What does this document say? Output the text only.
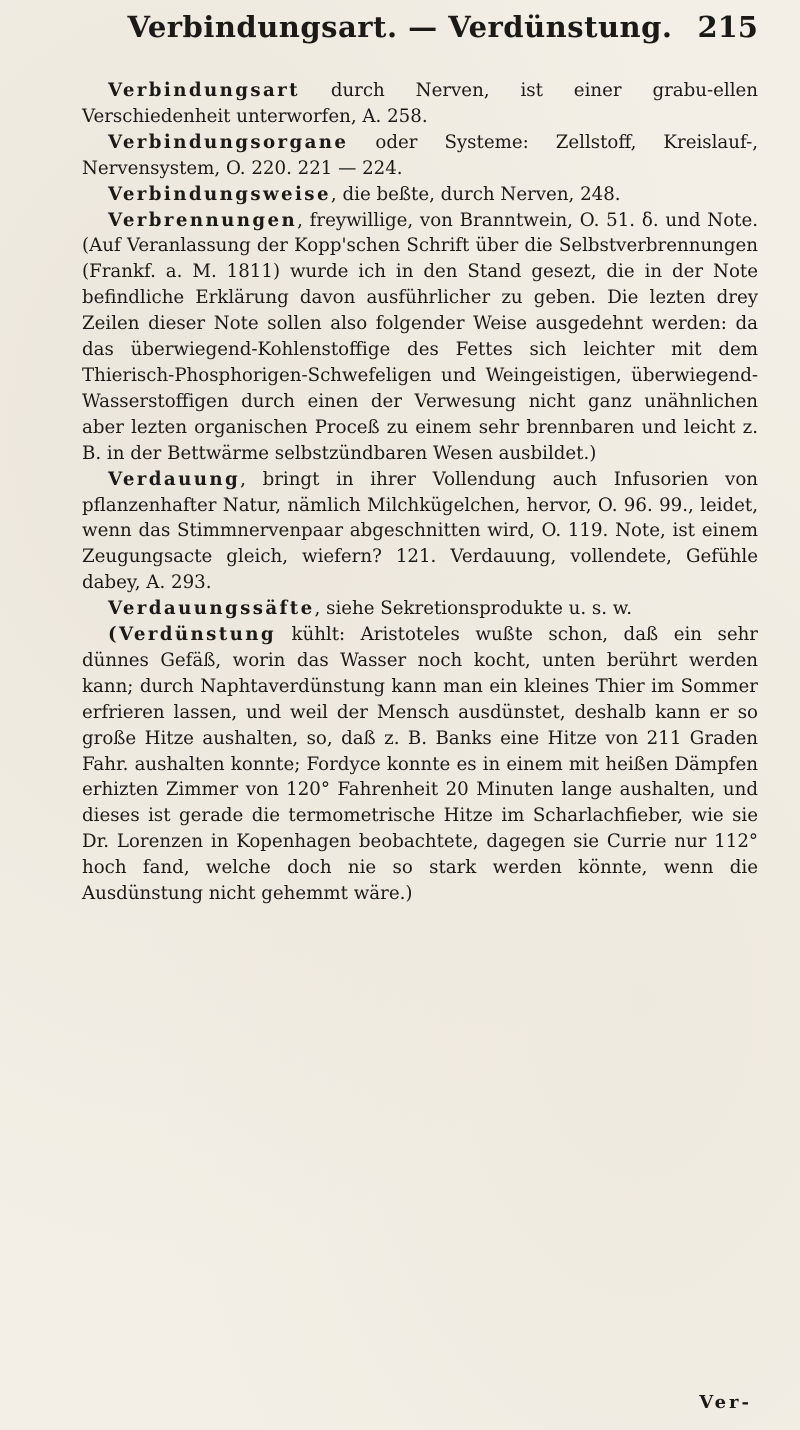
Verbindungsart. — Verdünstung. 215

Verbindungsart durch Nerven, ist einer grabu-ellen Verschiedenheit unterworfen, A. 258.

Verbindungsorgane oder Systeme: Zellstoff, Kreislauf-, Nervensystem, O. 220. 221 — 224.

Verbindungsweise, die beßte, durch Nerven, 248.

Verbrennungen, freywillige, von Branntwein, O. 51. δ. und Note. (Auf Veranlassung der Kopp'schen Schrift über die Selbstverbrennungen (Frankf. a. M. 1811) wurde ich in den Stand gesezt, die in der Note befindliche Erklärung davon ausführlicher zu geben. Die lezten drey Zeilen dieser Note sollen also folgender Weise ausgedehnt werden: da das überwiegend-Kohlenstoffige des Fettes sich leichter mit dem Thierisch-Phosphorigen-Schwefeligen und Weingeistigen, überwiegend-Wasserstoffigen durch einen der Verwesung nicht ganz unähnlichen aber lezten organischen Proceß zu einem sehr brennbaren und leicht z. B. in der Bettwärme selbstzündbaren Wesen ausbildet.)

Verdauung, bringt in ihrer Vollendung auch Infusorien von pflanzenhafter Natur, nämlich Milchkügelchen, hervor, O. 96. 99., leidet, wenn das Stimmnervenpaar abgeschnitten wird, O. 119. Note, ist einem Zeugungsacte gleich, wiefern? 121. Verdauung, vollendete, Gefühle dabey, A. 293.

Verdauungssäfte, siehe Sekretionsprodukte u. s. w.

(Verdünstung kühlt: Aristoteles wußte schon, daß ein sehr dünnes Gefäß, worin das Wasser noch kocht, unten berührt werden kann; durch Naphtaverdünstung kann man ein kleines Thier im Sommer erfrieren lassen, und weil der Mensch ausdünstet, deshalb kann er so große Hitze aushalten, so, daß z. B. Banks eine Hitze von 211 Graden Fahr. aushalten konnte; Fordyce konnte es in einem mit heißen Dämpfen erhizten Zimmer von 120° Fahrenheit 20 Minuten lange aushalten, und dieses ist gerade die termometrische Hitze im Scharlachfieber, wie sie Dr. Lorenzen in Kopenhagen beobachtete, dagegen sie Currie nur 112° hoch fand, welche doch nie so stark werden könnte, wenn die Ausdünstung nicht gehemmt wäre.)

Ver-
